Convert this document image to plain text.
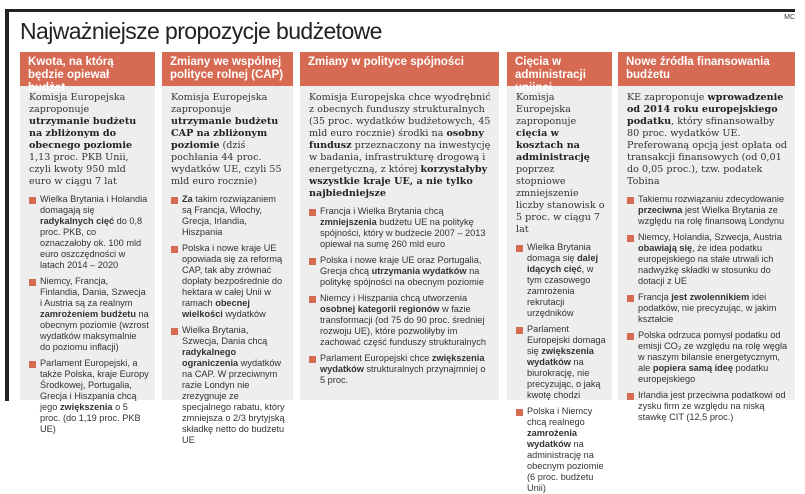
MC
Najważniejsze propozycje budżetowe
Kwota, na którą będzie opiewał budżet
Komisja Europejska zaproponuje utrzymanie budżetu na zbliżonym do obecnego poziomie 1,13 proc. PKB Unii, czyli kwoty 950 mld euro w ciągu 7 lat
Wielka Brytania i Holandia domagają się radykalnych cięć do 0,8 proc. PKB, co oznaczałoby ok. 100 mld euro oszczędności w latach 2014 – 2020
Niemcy, Francja, Finlandia, Dania, Szwecja i Austria są za realnym zamrożeniem budżetu na obecnym poziomie (wzrost wydatków maksymalnie do poziomu inflacji)
Parlament Europejski, a także Polska, kraje Europy Środkowej, Portugalia, Grecja i Hiszpania chcą jego zwiększenia o 5 proc. (do 1,19 proc. PKB UE)
Zmiany we wspólnej polityce rolnej (CAP)
Komisja Europejska zaproponuje utrzymanie budżetu CAP na zbliżonym poziomie (dziś pochłania 44 proc. wydatków UE, czyli 55 mld euro rocznie)
Za takim rozwiązaniem są Francja, Włochy, Grecja, Irlandia, Hiszpania
Polska i nowe kraje UE opowiada się za reformą CAP, tak aby zrównać dopłaty bezpośrednie do hektara w całej Unii w ramach obecnej wielkości wydatków
Wielka Brytania, Szwecja, Dania chcą radykalnego ograniczenia wydatków na CAP. W przeciwnym razie Londyn nie zrezygnuje ze specjalnego rabatu, który zmniejsza o 2/3 brytyjską składkę netto do budżetu UE
Zmiany w polityce spójności
Komisja Europejska chce wyodrębnić z obecnych funduszy strukturalnych (35 proc. wydatków budżetowych, 45 mld euro rocznie) środki na osobny fundusz przeznaczony na inwestycję w badania, infrastrukturę drogową i energetyczną, z której korzystałyby wszystkie kraje UE, a nie tylko najbiedniejsze
Francja i Wielka Brytania chcą zmniejszenia budżetu UE na politykę spójności, który w budżecie 2007 – 2013 opiewał na sumę 260 mld euro
Polska i nowe kraje UE oraz Portugalia, Grecja chcą utrzymania wydatków na politykę spójności na obecnym poziomie
Niemcy i Hiszpania chcą utworzenia osobnej kategorii regionów w fazie transformacji (od 75 do 90 proc. średniej rozwoju UE), które pozwoliłyby im zachować część funduszy strukturalnych
Parlament Europejski chce zwiększenia wydatków strukturalnych przynajmniej o 5 proc.
Cięcia w administracji unijnej
Komisja Europejska zaproponuje cięcia w kosztach na administrację poprzez stopniowe zmniejszenie liczby stanowisk o 5 proc. w ciągu 7 lat
Wielka Brytania domaga się dalej idących cięć, w tym czasowego zamrożenia rekrutacji urzędników
Parlament Europejski domaga się zwiększenia wydatków na biurokrację, nie precyzując, o jaką kwotę chodzi
Polska i Niemcy chcą realnego zamrożenia wydatków na administrację na obecnym poziomie (6 proc. budżetu Unii)
Nowe źródła finansowania budżetu
KE zaproponuje wprowadzenie od 2014 roku europejskiego podatku, który sfinansowałby 80 proc. wydatków UE. Preferowaną opcją jest opłata od transakcji finansowych (od 0,01 do 0,05 proc.), tzw. podatek Tobina
Takiemu rozwiązaniu zdecydowanie przeciwna jest Wielka Brytania ze względu na rolę finansową Londynu
Niemcy, Holandia, Szwecja, Austria obawiają się, że idea podatku europejskiego na stałe utrwali ich nadwyżkę składki w stosunku do dotacji z UE
Francja jest zwolennikiem idei podatków, nie precyzując, w jakim kształcie
Polska odrzuca pomysł podatku od emisji CO₂ ze względu na rolę węgla w naszym bilansie energetycznym, ale popiera samą ideę podatku europejskiego
Irlandia jest przeciwna podatkowi od zysku firm ze względu na niską stawkę CIT (12,5 proc.)
